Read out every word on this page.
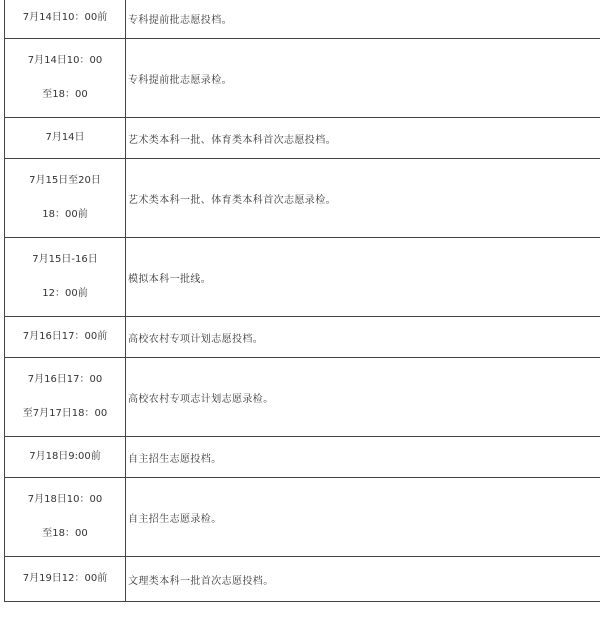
7月14日10：00前	专科提前批志愿投档。

7月14日10：00
至18：00	专科提前批志愿录检。

7月14日	艺术类本科一批、体育类本科首次志愿投档。

7月15日至20日
18：00前	艺术类本科一批、体育类本科首次志愿录检。

7月15日-16日
12：00前	模拟本科一批线。

7月16日17：00前	高校农村专项计划志愿投档。

7月16日17：00
至7月17日18：00	高校农村专项志计划志愿录检。

7月18日9:00前	自主招生志愿投档。

7月18日10：00
至18：00	自主招生志愿录检。

7月19日12：00前	文理类本科一批首次志愿投档。
